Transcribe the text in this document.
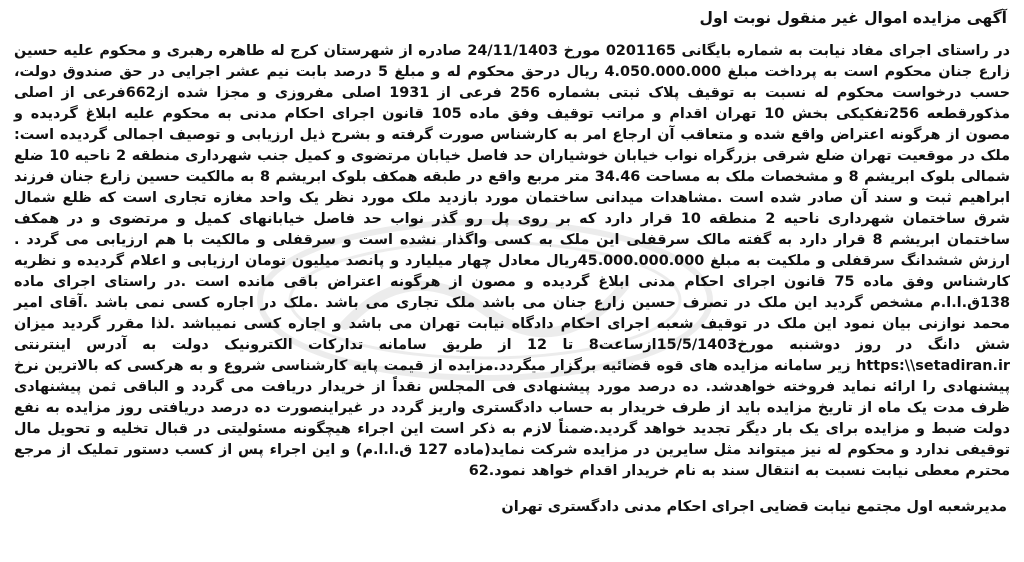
آگهی مزایده اموال غیر منقول نوبت اول

در راستای اجرای مفاد نیابت به شماره بایگانی 0201165 مورخ 24/11/1403 صادره از شهرستان کرج له طاهره رهبری و محکوم علیه حسین زارع جنان محکوم است به پرداخت مبلغ 4.050.000.000 ریال درحق محکوم له و مبلغ 5 درصد بابت نیم عشر اجرایی در حق صندوق دولت، حسب درخواست محکوم له نسبت به توقیف پلاک ثبتی بشماره 256 فرعی از 1931 اصلی مفروزی و مجزا شده از662فرعی از اصلی مذکورقطعه 256تفکیکی بخش 10 تهران اقدام و مراتب توقیف وفق ماده 105 قانون اجرای احکام مدنی به محکوم علیه ابلاغ گردیده و مصون از هرگونه اعتراض واقع شده و متعاقب آن ارجاع امر به کارشناس صورت گرفته و بشرح ذیل ارزیابی و توصیف اجمالی گردیده است: ملک در موقعیت تهران ضلع شرقی بزرگراه نواب خیابان خوشیاران حد فاصل خیابان مرتضوی و کمیل جنب شهرداری منطقه 2 ناحیه 10 ضلع شمالی بلوک ابریشم 8 و مشخصات ملک به مساحت 34.46 متر مربع واقع در طبقه همکف بلوک ابریشم 8 به مالکیت حسین زارع جنان فرزند ابراهیم ثبت و سند آن صادر شده است .مشاهدات میدانی ساختمان مورد بازدید ملک مورد نظر یک واحد مغازه تجاری است که ظلع شمال شرق ساختمان شهرداری ناحیه 2 منطقه 10 قرار دارد که بر روی پل رو گذر نواب حد فاصل خیابانهای کمیل و مرتضوی و در همکف ساختمان ابریشم 8 قرار دارد به گفته مالک سرقفلی این ملک به کسی واگذار نشده است و سرقفلی و مالکیت با هم ارزیابی می گردد . ارزش ششدانگ سرقفلی و ملکیت به مبلغ 45.000.000.000ریال معادل چهار میلیارد و پانصد میلیون تومان ارزیابی و اعلام گردیده و نظریه کارشناس وفق ماده 75 قانون اجرای احکام مدنی ابلاغ گردیده و مصون از هرگونه اعتراض باقی مانده است .در راستای اجرای ماده 138ق.ا.ا.م مشخص گردید این ملک در تصرف حسین زارع جنان می باشد ملک تجاری می باشد .ملک در اجاره کسی نمی باشد .آقای امیر محمد نوازنی بیان نمود این ملک در توقیف شعبه اجرای احکام دادگاه نیابت تهران می باشد و اجاره کسی نمیباشد .لذا مقرر گردید میزان شش دانگ در روز دوشنبه مورخ15/5/1403ازساعت8 تا 12 از طریق سامانه تدارکات الکترونیک دولت به آدرس اینترنتی https:\\setadiran.ir زیر سامانه مزایده های قوه قضائیه برگزار میگردد.مزایده از قیمت پایه کارشناسی شروع و به هرکسی که بالاترین نرخ پیشنهادی را ارائه نماید فروخته خواهدشد. ده درصد مورد پیشنهادی فی المجلس نقداً از خریدار دریافت می گردد و الباقی ثمن پیشنهادی ظرف مدت یک ماه از تاریخ مزایده باید از طرف خریدار به حساب دادگستری واریز گردد در غیراینصورت ده درصد دریافتی روز مزایده به نفع دولت ضبط و مزایده برای یک بار دیگر تجدید خواهد گردید.ضمناً لازم به ذکر است این اجراء هیچگونه مسئولیتی در قبال تخلیه و تحویل مال توقیفی ندارد و محکوم له نیز میتواند مثل سایرین در مزایده شرکت نماید(ماده 127 ق.ا.ا.م) و این اجراء پس از کسب دستور تملیک از مرجع محترم معطی نیابت نسبت به انتقال سند به نام خریدار اقدام خواهد نمود.62

مدیرشعبه اول مجتمع نیابت قضایی اجرای احکام مدنی دادگستری تهران
